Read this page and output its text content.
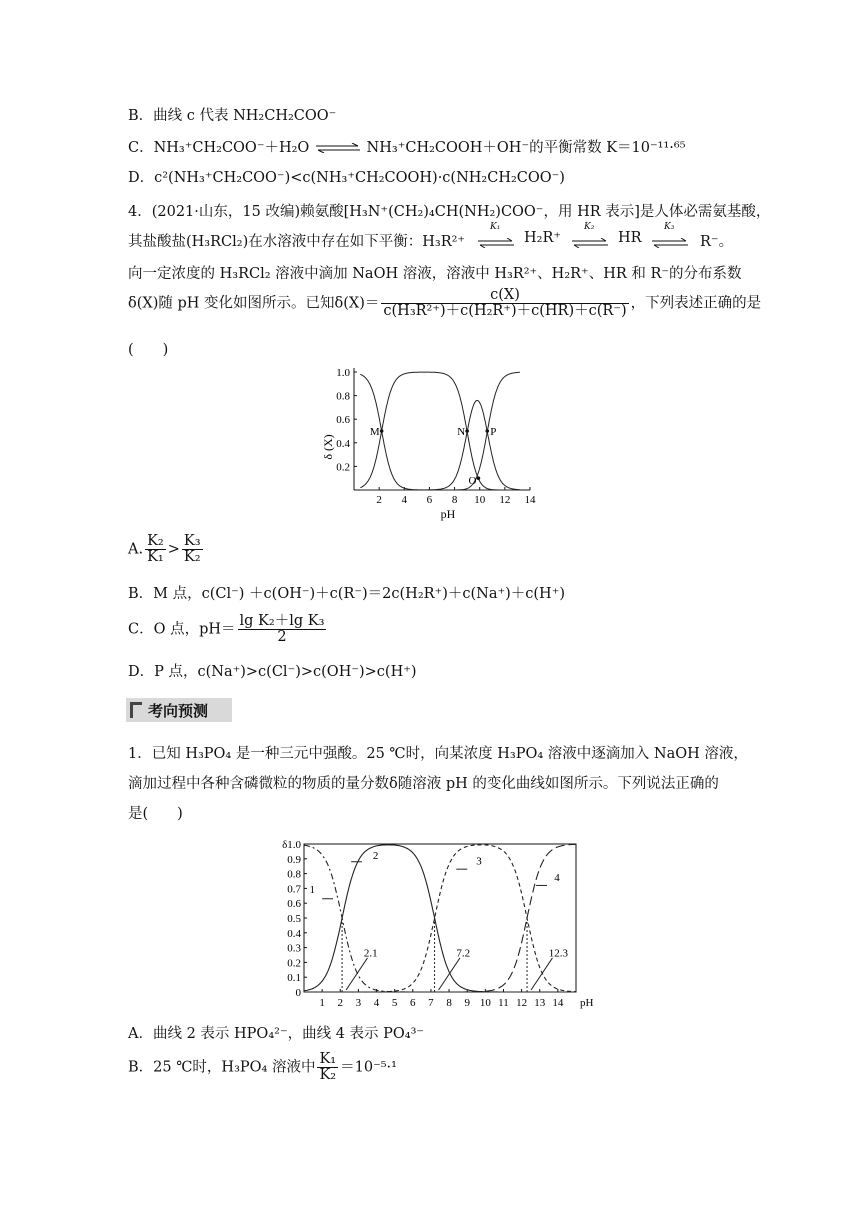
B．曲线 c 代表 NH₂CH₂COO⁻
C．NH₃⁺CH₂COO⁻＋H₂O ⇌ NH₃⁺CH₂COOH＋OH⁻的平衡常数 K＝10⁻¹¹·⁶⁵
D．c²(NH₃⁺CH₂COO⁻)<c(NH₃⁺CH₂COOH)·c(NH₂CH₂COO⁻)
4．(2021·山东，15 改编)赖氨酸[H₃N⁺(CH₂)₄CH(NH₂)COO⁻，用 HR 表示]是人体必需氨基酸，
其盐酸盐(H₃RCl₂)在水溶液中存在如下平衡：H₃R²⁺
K₁
⇌ H₂R⁺
K₂
⇌ HR
K₃
⇌ R⁻。
向一定浓度的 H₃RCl₂ 溶液中滴加 NaOH 溶液，溶液中 H₃R²⁺、H₂R⁺、HR 和 R⁻的分布系数
δ(X)随 pH 变化如图所示。已知$\delta(X)= \frac{c(X)}{\text{c(H₃R²⁺)＋c(H₂R⁺)＋c(HR)＋c(R⁻)}}$ ，下列表述正确的是
(　　)
2 4 6 8 10 12 14
0.2
0.4
0.6
0.8
1.0
pH
δ (X)
M	N
O
P
A. $\frac{\text{K₂}}{\text{K₁}} > \frac{\text{K₃}}{\text{K₂}}$
B．M 点，c(Cl⁻) ＋c(OH⁻)＋c(R⁻)＝2c(H₂R⁺)＋c(Na⁺)＋c(H⁺)
C．O 点，$pH= \frac{\text{lg K₂＋lg K₃}}{2}$
D．P 点，c(Na⁺)>c(Cl⁻)>c(OH⁻)>c(H⁺)
考向预测
1．已知 H₃PO₄ 是一种三元中强酸。25 ℃时，向某浓度 H₃PO₄ 溶液中逐滴加入 NaOH 溶液，
滴加过程中各种含磷微粒的物质的量分数δ随溶液 pH 的变化曲线如图所示。下列说法正确的
是(　　)
1 2 3 4 5 6 7 8 9 10 11 12 13 14 pH
0
0.1
0.2
0.3
0.4
0.5
0.6
0.7
0.8
0.9
δ1.0
2.1	7.2	12.3
1
2	3
4
A．曲线 2 表示 HPO₄²⁻，曲线 4 表示 PO₄³⁻
B．25 ℃时，H₃PO₄ 溶液中 $\frac{\text{K₁}}{\text{K₂}} =10^{-5}\cdot^1$
